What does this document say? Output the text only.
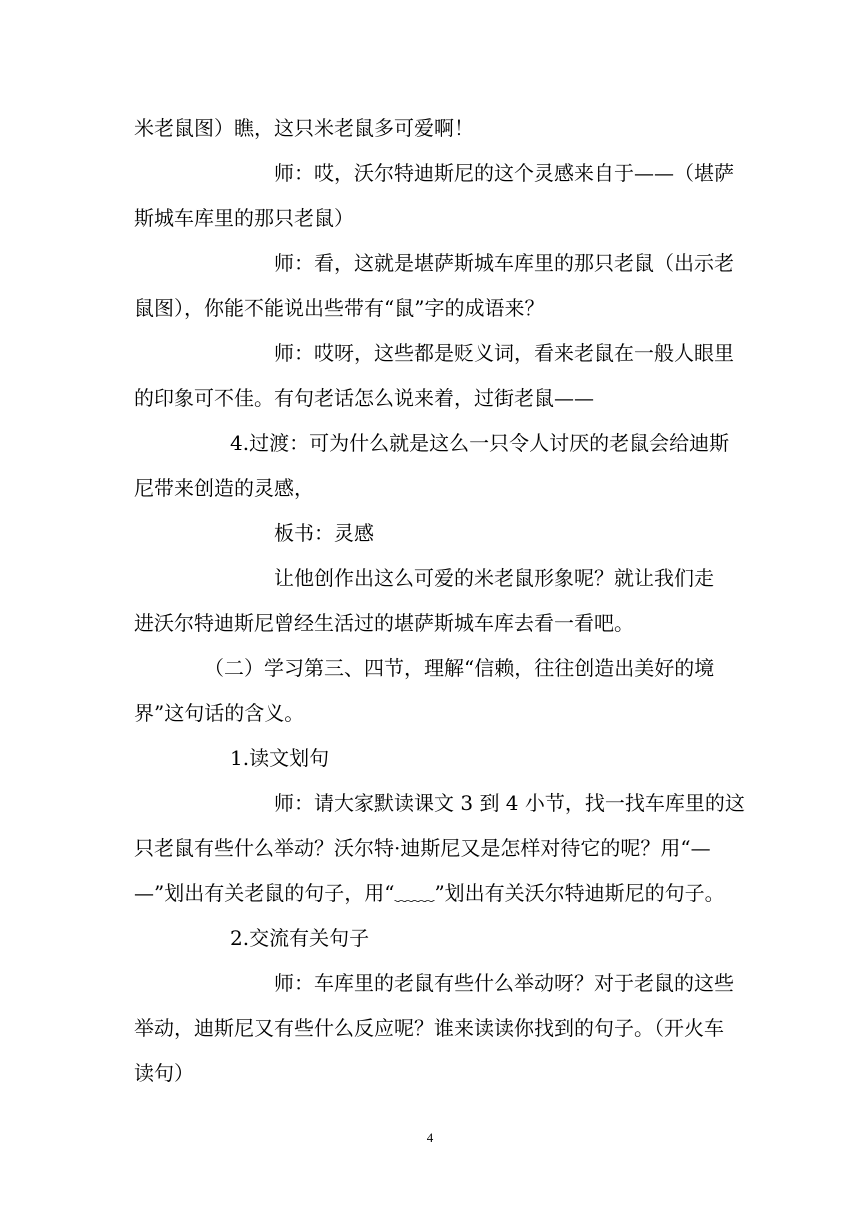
米老鼠图）瞧，这只米老鼠多可爱啊！
师：哎，沃尔特迪斯尼的这个灵感来自于——（堪萨
斯城车库里的那只老鼠）
师：看，这就是堪萨斯城车库里的那只老鼠（出示老
鼠图），你能不能说出些带有“鼠”字的成语来？
师：哎呀，这些都是贬义词，看来老鼠在一般人眼里
的印象可不佳。有句老话怎么说来着，过街老鼠——
4.过渡：可为什么就是这么一只令人讨厌的老鼠会给迪斯
尼带来创造的灵感，
板书：灵感
让他创作出这么可爱的米老鼠形象呢？就让我们走
进沃尔特迪斯尼曾经生活过的堪萨斯城车库去看一看吧。
（二）学习第三、四节，理解“信赖，往往创造出美好的境
界”这句话的含义。
1.读文划句
师：请大家默读课文 3 到 4 小节，找一找车库里的这
只老鼠有些什么举动？沃尔特·迪斯尼又是怎样对待它的呢？用“—
—”划出有关老鼠的句子，用“﹏﹏”划出有关沃尔特迪斯尼的句子。
2.交流有关句子
师：车库里的老鼠有些什么举动呀？对于老鼠的这些
举动，迪斯尼又有些什么反应呢？谁来读读你找到的句子。（开火车
读句）
4
